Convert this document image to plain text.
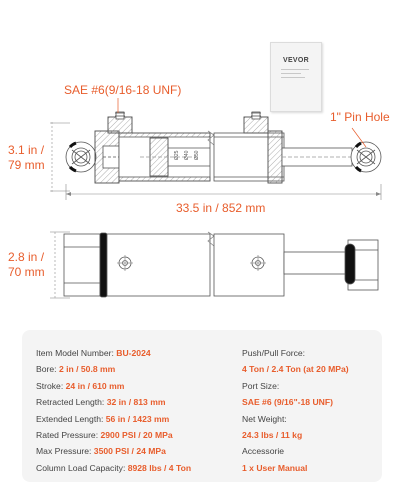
Ø25 Ø40 Ø50
SAE #6(9/16-18 UNF)
1" Pin Hole
3.1 in /
79 mm
33.5 in / 852 mm
2.8 in /
70 mm
VEVOR
Item Model Number: BU-2024
Bore: 2 in / 50.8 mm
Stroke: 24 in / 610 mm
Retracted Length: 32 in / 813 mm
Extended Length: 56 in / 1423 mm
Rated Pressure: 2900 PSI / 20 MPa
Max Pressure: 3500 PSI / 24 MPa
Column Load Capacity: 8928 lbs / 4 Ton
Push/Pull Force:
4 Ton / 2.4 Ton (at 20 MPa)
Port Size:
SAE #6 (9/16"-18 UNF)
Net Weight:
24.3 lbs / 11 kg
Accessorie
1 x User Manual
